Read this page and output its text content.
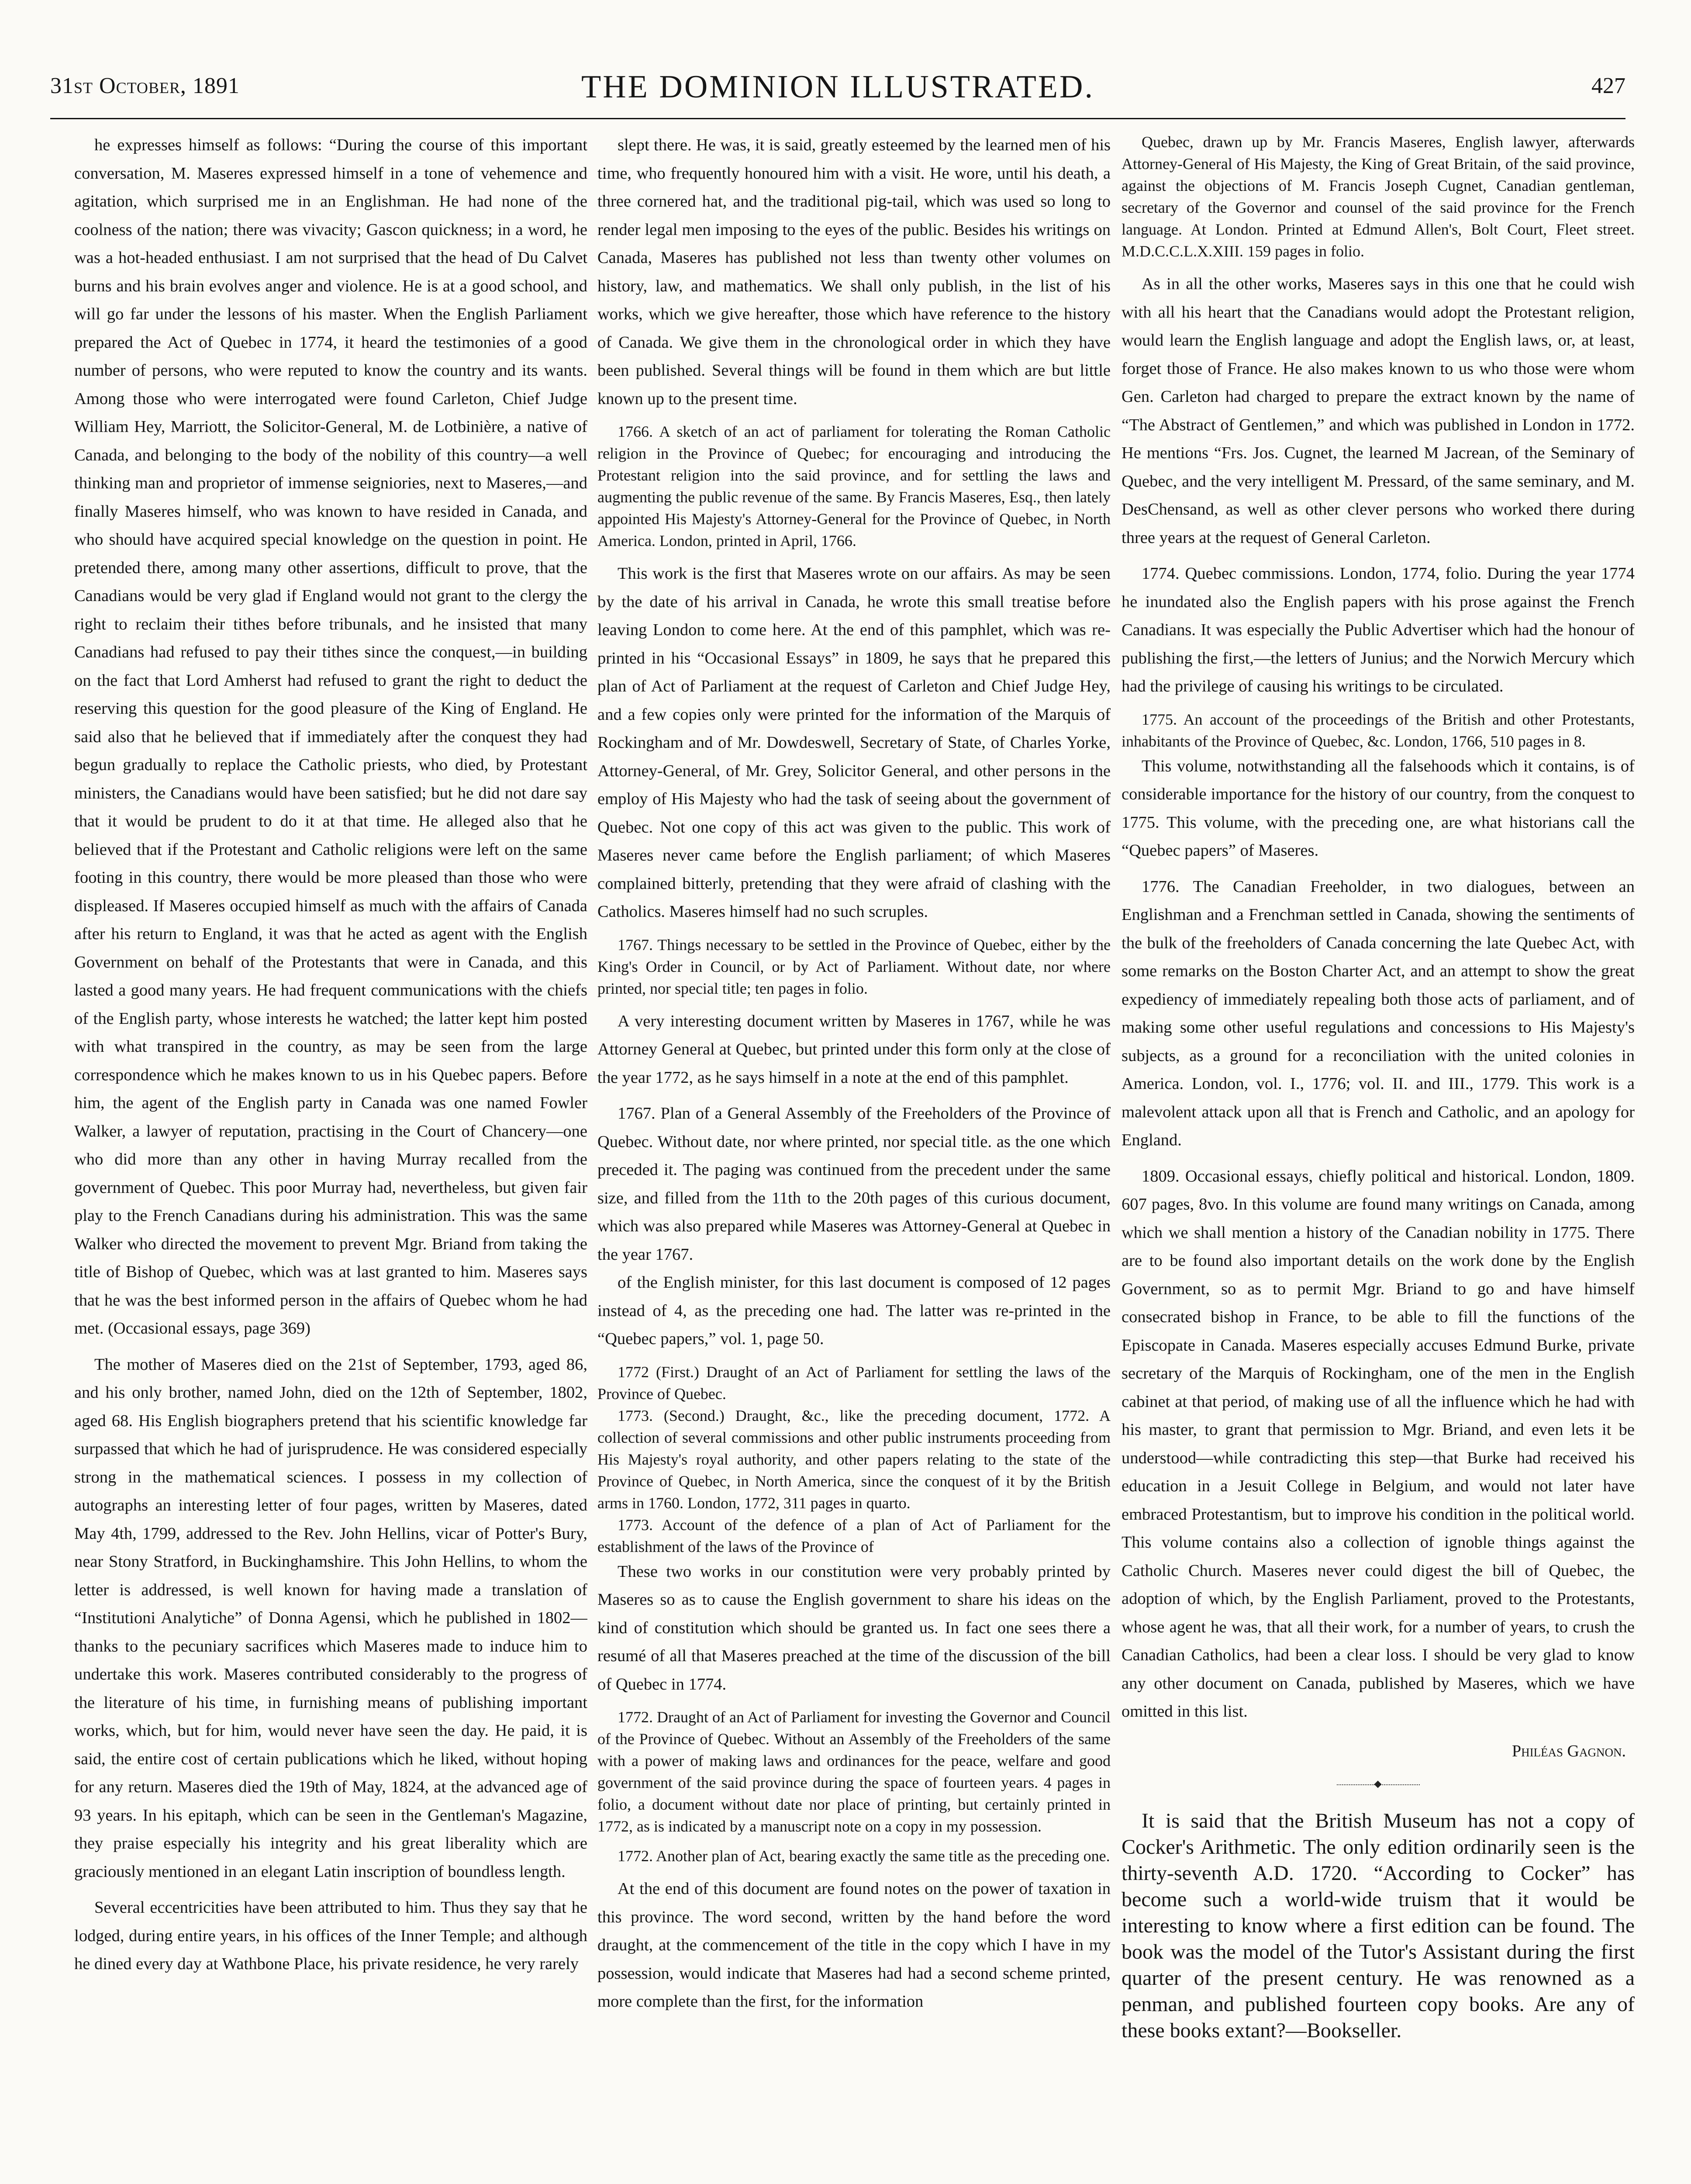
31st October, 1891	THE DOMINION ILLUSTRATED.	427

he expresses himself as follows: “During the course of this important conversation, M. Maseres expressed himself in a tone of vehemence and agitation, which surprised me in an Englishman. He had none of the coolness of the nation; there was vivacity; Gascon quickness; in a word, he was a hot-headed enthusiast. I am not surprised that the head of Du Calvet burns and his brain evolves anger and violence. He is at a good school, and will go far under the lessons of his master. When the English Parliament prepared the Act of Quebec in 1774, it heard the testimonies of a good number of persons, who were reputed to know the country and its wants. Among those who were interrogated were found Carleton, Chief Judge William Hey, Marriott, the Solicitor-General, M. de Lotbinière, a native of Canada, and belonging to the body of the nobility of this country—a well thinking man and proprietor of immense seigniories, next to Maseres,—and finally Maseres himself, who was known to have resided in Canada, and who should have acquired special knowledge on the question in point. He pretended there, among many other assertions, difficult to prove, that the Canadians would be very glad if England would not grant to the clergy the right to reclaim their tithes before tribunals, and he insisted that many Canadians had refused to pay their tithes since the conquest,—in building on the fact that Lord Amherst had refused to grant the right to deduct the reserving this question for the good pleasure of the King of England. He said also that he believed that if immediately after the conquest they had begun gradually to replace the Catholic priests, who died, by Protestant ministers, the Canadians would have been satisfied; but he did not dare say that it would be prudent to do it at that time. He alleged also that he believed that if the Protestant and Catholic religions were left on the same footing in this country, there would be more pleased than those who were displeased. If Maseres occupied himself as much with the affairs of Canada after his return to England, it was that he acted as agent with the English Government on behalf of the Protestants that were in Canada, and this lasted a good many years. He had frequent communications with the chiefs of the English party, whose interests he watched; the latter kept him posted with what transpired in the country, as may be seen from the large correspondence which he makes known to us in his Quebec papers. Before him, the agent of the English party in Canada was one named Fowler Walker, a lawyer of reputation, practising in the Court of Chancery—one who did more than any other in having Murray recalled from the government of Quebec. This poor Murray had, nevertheless, but given fair play to the French Canadians during his administration. This was the same Walker who directed the movement to prevent Mgr. Briand from taking the title of Bishop of Quebec, which was at last granted to him. Maseres says that he was the best informed person in the affairs of Quebec whom he had met. (Occasional essays, page 369)

The mother of Maseres died on the 21st of September, 1793, aged 86, and his only brother, named John, died on the 12th of September, 1802, aged 68. His English biographers pretend that his scientific knowledge far surpassed that which he had of jurisprudence. He was considered especially strong in the mathematical sciences. I possess in my collection of autographs an interesting letter of four pages, written by Maseres, dated May 4th, 1799, addressed to the Rev. John Hellins, vicar of Potter's Bury, near Stony Stratford, in Buckinghamshire. This John Hellins, to whom the letter is addressed, is well known for having made a translation of “Institutioni Analytiche” of Donna Agensi, which he published in 1802—thanks to the pecuniary sacrifices which Maseres made to induce him to undertake this work. Maseres contributed considerably to the progress of the literature of his time, in furnishing means of publishing important works, which, but for him, would never have seen the day. He paid, it is said, the entire cost of certain publications which he liked, without hoping for any return. Maseres died the 19th of May, 1824, at the advanced age of 93 years. In his epitaph, which can be seen in the Gentleman's Magazine, they praise especially his integrity and his great liberality which are graciously mentioned in an elegant Latin inscription of boundless length.

Several eccentricities have been attributed to him. Thus they say that he lodged, during entire years, in his offices of the Inner Temple; and although he dined every day at Wathbone Place, his private residence, he very rarely

slept there. He was, it is said, greatly esteemed by the learned men of his time, who frequently honoured him with a visit. He wore, until his death, a three cornered hat, and the traditional pig-tail, which was used so long to render legal men imposing to the eyes of the public. Besides his writings on Canada, Maseres has published not less than twenty other volumes on history, law, and mathematics. We shall only publish, in the list of his works, which we give hereafter, those which have reference to the history of Canada. We give them in the chronological order in which they have been published. Several things will be found in them which are but little known up to the present time.

1766. A sketch of an act of parliament for tolerating the Roman Catholic religion in the Province of Quebec; for encouraging and introducing the Protestant religion into the said province, and for settling the laws and augmenting the public revenue of the same. By Francis Maseres, Esq., then lately appointed His Majesty's Attorney-General for the Province of Quebec, in North America. London, printed in April, 1766.

This work is the first that Maseres wrote on our affairs. As may be seen by the date of his arrival in Canada, he wrote this small treatise before leaving London to come here. At the end of this pamphlet, which was re-printed in his “Occasional Essays” in 1809, he says that he prepared this plan of Act of Parliament at the request of Carleton and Chief Judge Hey, and a few copies only were printed for the information of the Marquis of Rockingham and of Mr. Dowdeswell, Secretary of State, of Charles Yorke, Attorney-General, of Mr. Grey, Solicitor General, and other persons in the employ of His Majesty who had the task of seeing about the government of Quebec. Not one copy of this act was given to the public. This work of Maseres never came before the English parliament; of which Maseres complained bitterly, pretending that they were afraid of clashing with the Catholics. Maseres himself had no such scruples.

1767. Things necessary to be settled in the Province of Quebec, either by the King's Order in Council, or by Act of Parliament. Without date, nor where printed, nor special title; ten pages in folio.

A very interesting document written by Maseres in 1767, while he was Attorney General at Quebec, but printed under this form only at the close of the year 1772, as he says himself in a note at the end of this pamphlet.

1767. Plan of a General Assembly of the Freeholders of the Province of Quebec. Without date, nor where printed, nor special title. as the one which preceded it. The paging was continued from the precedent under the same size, and filled from the 11th to the 20th pages of this curious document, which was also prepared while Maseres was Attorney-General at Quebec in the year 1767.

of the English minister, for this last document is composed of 12 pages instead of 4, as the preceding one had. The latter was re-printed in the “Quebec papers,” vol. 1, page 50.

1772 (First.) Draught of an Act of Parliament for settling the laws of the Province of Quebec.

1773. (Second.) Draught, &c., like the preceding document, 1772. A collection of several commissions and other public instruments proceeding from His Majesty's royal authority, and other papers relating to the state of the Province of Quebec, in North America, since the conquest of it by the British arms in 1760. London, 1772, 311 pages in quarto.

1773. Account of the defence of a plan of Act of Parliament for the establishment of the laws of the Province of

These two works in our constitution were very probably printed by Maseres so as to cause the English government to share his ideas on the kind of constitution which should be granted us. In fact one sees there a resumé of all that Maseres preached at the time of the discussion of the bill of Quebec in 1774.

1772. Draught of an Act of Parliament for investing the Governor and Council of the Province of Quebec. Without an Assembly of the Freeholders of the same with a power of making laws and ordinances for the peace, welfare and good government of the said province during the space of fourteen years. 4 pages in folio, a document without date nor place of printing, but certainly printed in 1772, as is indicated by a manuscript note on a copy in my possession.

1772. Another plan of Act, bearing exactly the same title as the preceding one.

At the end of this document are found notes on the power of taxation in this province. The word second, written by the hand before the word draught, at the commencement of the title in the copy which I have in my possession, would indicate that Maseres had had a second scheme printed, more complete than the first, for the information

Quebec, drawn up by Mr. Francis Maseres, English lawyer, afterwards Attorney-General of His Majesty, the King of Great Britain, of the said province, against the objections of M. Francis Joseph Cugnet, Canadian gentleman, secretary of the Governor and counsel of the said province for the French language. At London. Printed at Edmund Allen's, Bolt Court, Fleet street. M.D.C.C.L.X.XIII. 159 pages in folio.

As in all the other works, Maseres says in this one that he could wish with all his heart that the Canadians would adopt the Protestant religion, would learn the English language and adopt the English laws, or, at least, forget those of France. He also makes known to us who those were whom Gen. Carleton had charged to prepare the extract known by the name of “The Abstract of Gentlemen,” and which was published in London in 1772. He mentions “Frs. Jos. Cugnet, the learned M Jacrean, of the Seminary of Quebec, and the very intelligent M. Pressard, of the same seminary, and M. DesChensand, as well as other clever persons who worked there during three years at the request of General Carleton.

1774. Quebec commissions. London, 1774, folio. During the year 1774 he inundated also the English papers with his prose against the French Canadians. It was especially the Public Advertiser which had the honour of publishing the first,—the letters of Junius; and the Norwich Mercury which had the privilege of causing his writings to be circulated.

1775. An account of the proceedings of the British and other Protestants, inhabitants of the Province of Quebec, &c. London, 1766, 510 pages in 8.

This volume, notwithstanding all the falsehoods which it contains, is of considerable importance for the history of our country, from the conquest to 1775. This volume, with the preceding one, are what historians call the “Quebec papers” of Maseres.

1776. The Canadian Freeholder, in two dialogues, between an Englishman and a Frenchman settled in Canada, showing the sentiments of the bulk of the freeholders of Canada concerning the late Quebec Act, with some remarks on the Boston Charter Act, and an attempt to show the great expediency of immediately repealing both those acts of parliament, and of making some other useful regulations and concessions to His Majesty's subjects, as a ground for a reconciliation with the united colonies in America. London, vol. I., 1776; vol. II. and III., 1779. This work is a malevolent attack upon all that is French and Catholic, and an apology for England.

1809. Occasional essays, chiefly political and historical. London, 1809. 607 pages, 8vo. In this volume are found many writings on Canada, among which we shall mention a history of the Canadian nobility in 1775. There are to be found also important details on the work done by the English Government, so as to permit Mgr. Briand to go and have himself consecrated bishop in France, to be able to fill the functions of the Episcopate in Canada. Maseres especially accuses Edmund Burke, private secretary of the Marquis of Rockingham, one of the men in the English cabinet at that period, of making use of all the influence which he had with his master, to grant that permission to Mgr. Briand, and even lets it be understood—while contradicting this step—that Burke had received his education in a Jesuit College in Belgium, and would not later have embraced Protestantism, but to improve his condition in the political world. This volume contains also a collection of ignoble things against the Catholic Church. Maseres never could digest the bill of Quebec, the adoption of which, by the English Parliament, proved to the Protestants, whose agent he was, that all their work, for a number of years, to crush the Canadian Catholics, had been a clear loss. I should be very glad to know any other document on Canada, published by Maseres, which we have omitted in this list.

Philéas Gagnon.

It is said that the British Museum has not a copy of Cocker's Arithmetic. The only edition ordinarily seen is the thirty-seventh A.D. 1720. “According to Cocker” has become such a world-wide truism that it would be interesting to know where a first edition can be found. The book was the model of the Tutor's Assistant during the first quarter of the present century. He was renowned as a penman, and published fourteen copy books. Are any of these books extant?—Bookseller.
